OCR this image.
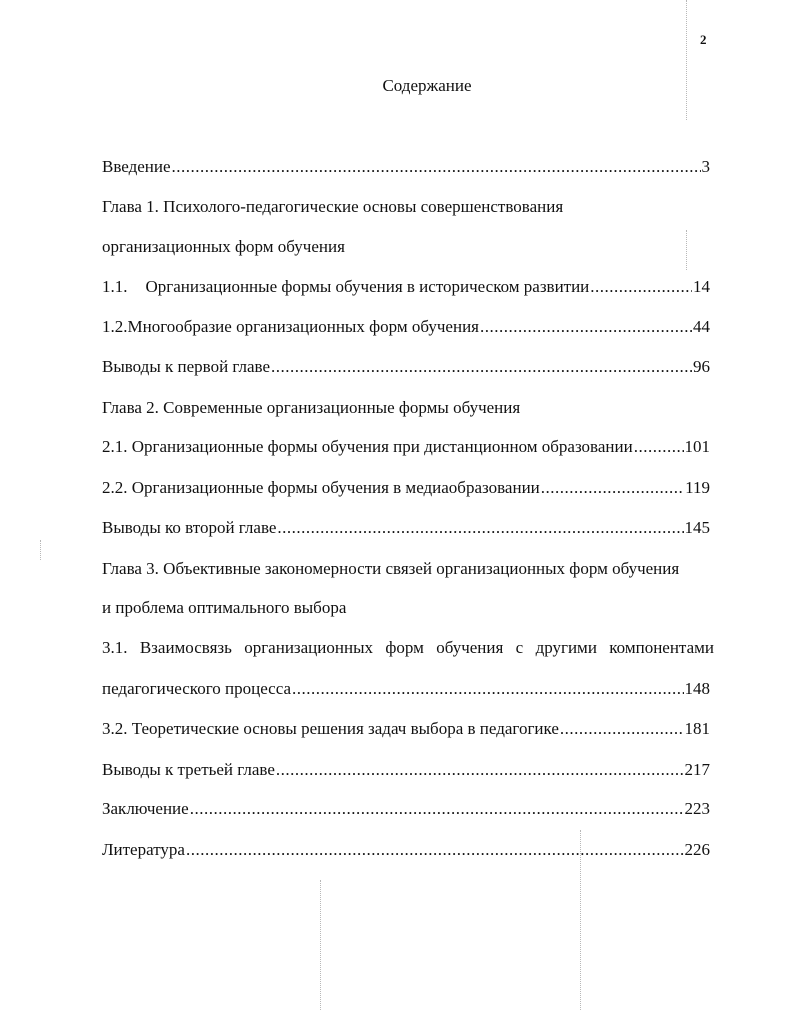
2
Содержание
Введение .....	3
Глава 1. Психолого-педагогические основы совершенствования
организационных форм обучения
1.1. Организационные формы обучения в историческом развитии .....	14
1.2.Многообразие организационных форм обучения .....	44
Выводы к первой главе .....	96
Глава 2. Современные организационные формы обучения
2.1. Организационные формы обучения при дистанционном образовании .....	101
2.2. Организационные формы обучения в медиаобразовании .....	119
Выводы ко второй главе .....	145
Глава 3. Объективные закономерности связей организационных форм обучения
и проблема оптимального выбора
3.1. Взаимосвязь организационных форм обучения с другими компонентами
педагогического процесса .....	148
3.2. Теоретические основы решения задач выбора в педагогике .....	181
Выводы к третьей главе .....	217
Заключение .....	223
Литература .....	226
